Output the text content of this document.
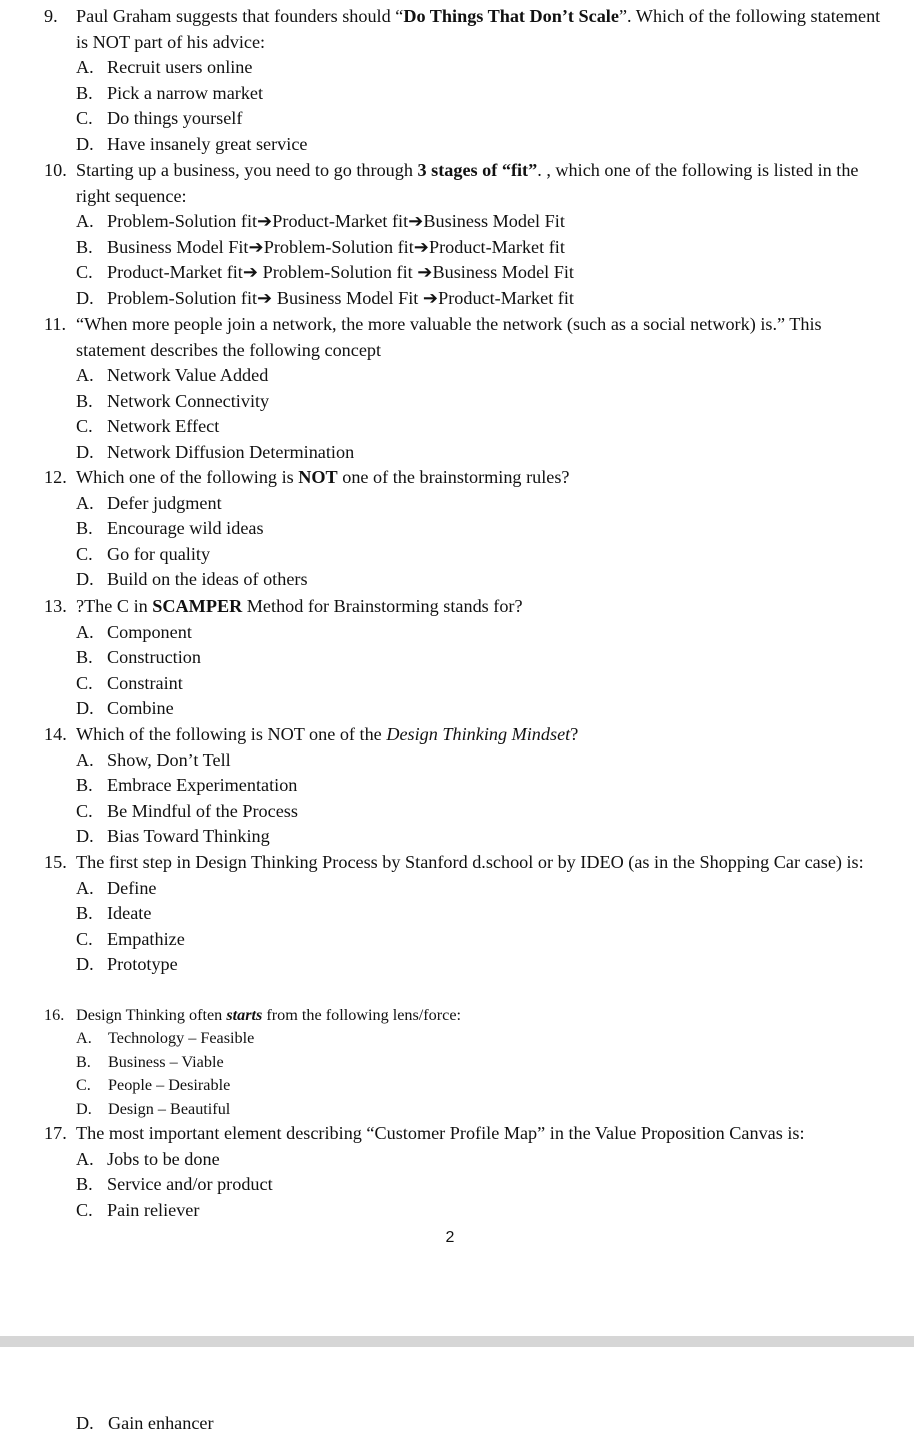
9. Paul Graham suggests that founders should “Do Things That Don’t Scale”. Which of the following statement is NOT part of his advice:
A. Recruit users online
B. Pick a narrow market
C. Do things yourself
D. Have insanely great service
10. Starting up a business, you need to go through 3 stages of “fit”. , which one of the following is listed in the right sequence:
A. Problem-Solution fit➔Product-Market fit➔Business Model Fit
B. Business Model Fit➔Problem-Solution fit➔Product-Market fit
C. Product-Market fit➔ Problem-Solution fit ➔Business Model Fit
D. Problem-Solution fit➔ Business Model Fit ➔Product-Market fit
11. “When more people join a network, the more valuable the network (such as a social network) is.” This statement describes the following concept
A. Network Value Added
B. Network Connectivity
C. Network Effect
D. Network Diffusion Determination
12. Which one of the following is NOT one of the brainstorming rules?
A. Defer judgment
B. Encourage wild ideas
C. Go for quality
D. Build on the ideas of others
13. ?The C in SCAMPER Method for Brainstorming stands for?
A. Component
B. Construction
C. Constraint
D. Combine
14. Which of the following is NOT one of the Design Thinking Mindset?
A. Show, Don’t Tell
B. Embrace Experimentation
C. Be Mindful of the Process
D. Bias Toward Thinking
15. The first step in Design Thinking Process by Stanford d.school or by IDEO (as in the Shopping Car case) is:
A. Define
B. Ideate
C. Empathize
D. Prototype
16. Design Thinking often starts from the following lens/force:
A. Technology – Feasible
B. Business – Viable
C. People – Desirable
D. Design – Beautiful
17. The most important element describing “Customer Profile Map” in the Value Proposition Canvas is:
A. Jobs to be done
B. Service and/or product
C. Pain reliever
2
D. Gain enhancer
